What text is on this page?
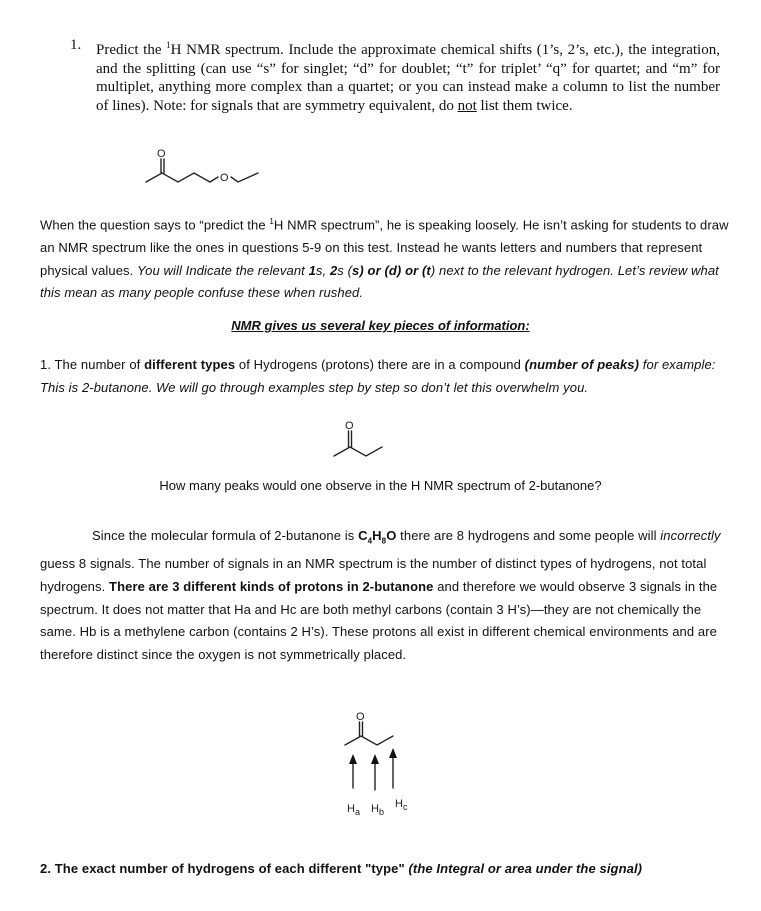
1. Predict the $^1$H NMR spectrum. Include the approximate chemical shifts (1’s, 2’s, etc.), the integration, and the splitting (can use “s” for singlet; “d” for doublet; “t” for triplet’ “q” for quartet; and “m” for multiplet, anything more complex than a quartet; or you can instead make a column to list the number of lines). Note: for signals that are symmetry equivalent, do not list them twice.
O
O
When the question says to “predict the $^1$H NMR spectrum”, he is speaking loosely. He isn’t asking for students to draw an NMR spectrum like the ones in questions 5-9 on this test. Instead he wants letters and numbers that represent physical values. You will Indicate the relevant 1s, 2s (s) or (d) or (t) next to the relevant hydrogen. Let’s review what this mean as many people confuse these when rushed.
NMR gives us several key pieces of information:
1. The number of different types of Hydrogens (protons) there are in a compound (number of peaks) for example: This is 2-butanone. We will go through examples step by step so don’t let this overwhelm you.
O
How many peaks would one observe in the H NMR spectrum of 2-butanone?
Since the molecular formula of 2-butanone is $C_4H_8O$ there are 8 hydrogens and some people will incorrectly guess 8 signals. The number of signals in an NMR spectrum is the number of distinct types of hydrogens, not total hydrogens. There are 3 different kinds of protons in 2-butanone and therefore we would observe 3 signals in the spectrum. It does not matter that Ha and Hc are both methyl carbons (contain 3 H’s)—they are not chemically the same. Hb is a methylene carbon (contains 2 H’s). These protons all exist in different chemical environments and are therefore distinct since the oxygen is not symmetrically placed.
O
$H_a$ $H_b$
$H_c$
2. The exact number of hydrogens of each different "type" (the Integral or area under the signal)
